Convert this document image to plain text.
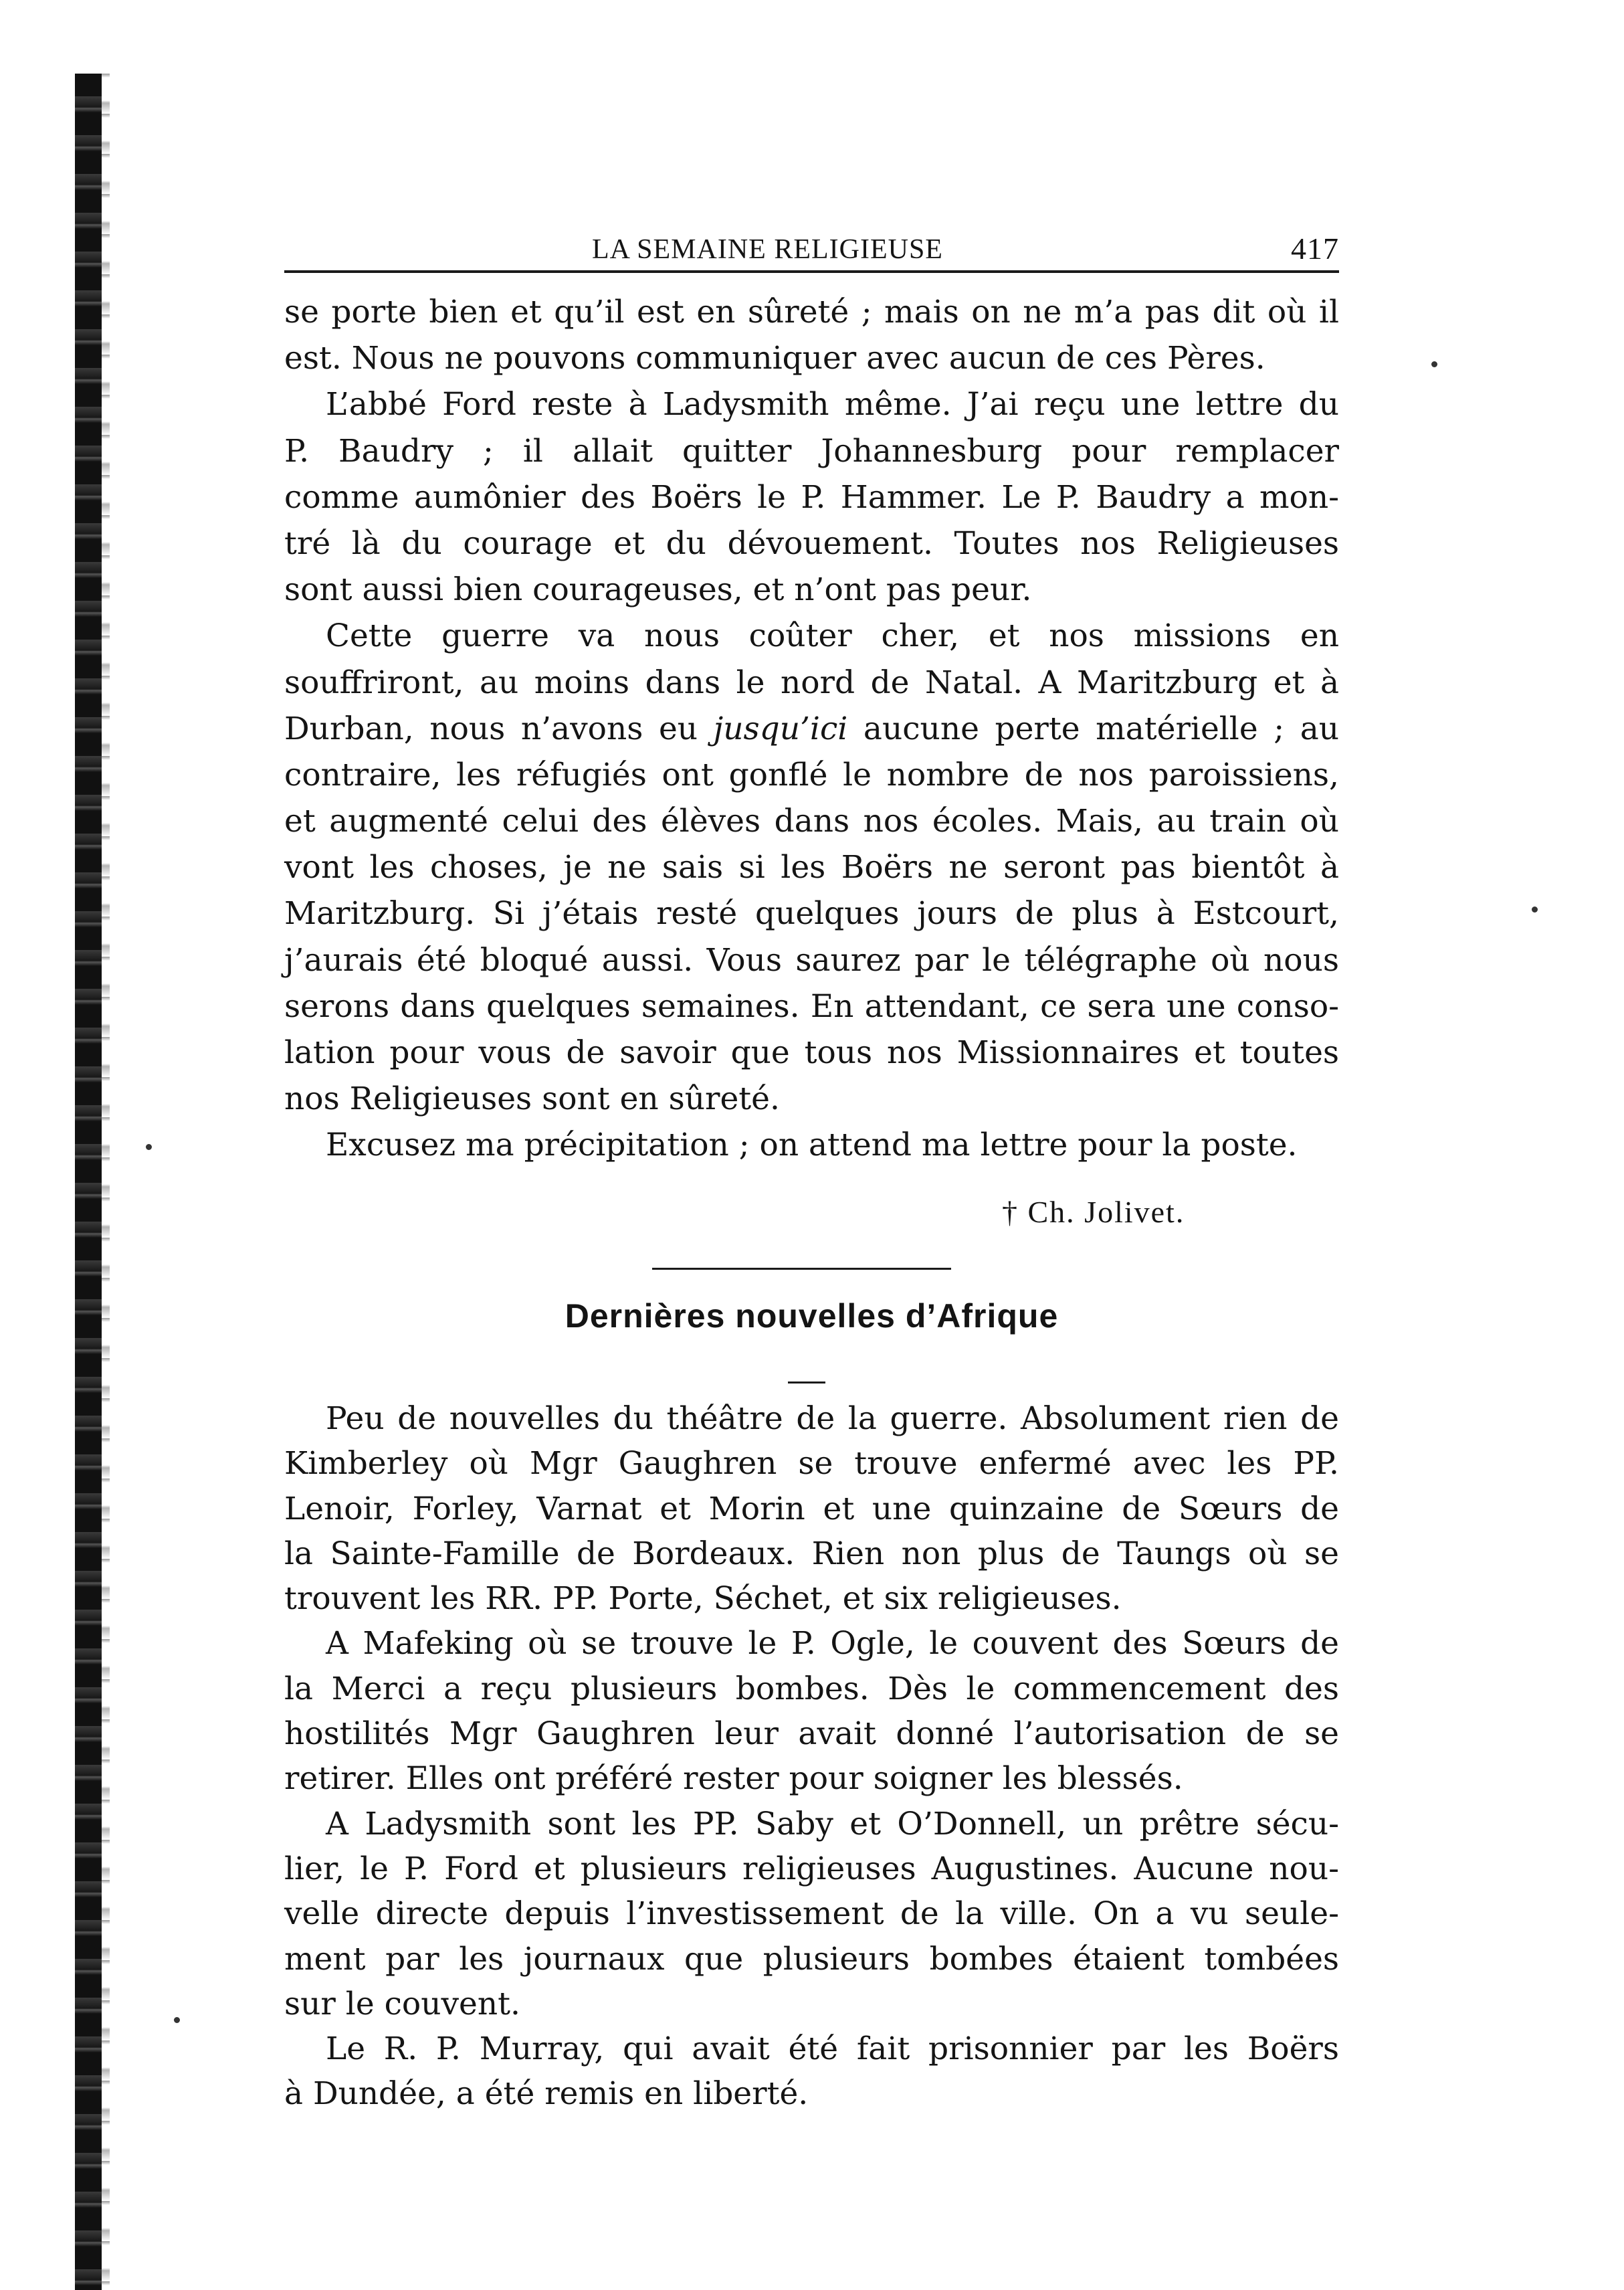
LA SEMAINE RELIGIEUSE	417
se porte bien et qu’il est en sûreté ; mais on ne m’a pas dit où il
est. Nous ne pouvons communiquer avec aucun de ces Pères.
L’abbé Ford reste à Ladysmith même. J’ai reçu une lettre du
P. Baudry ; il allait quitter Johannesburg pour remplacer
comme aumônier des Boërs le P. Hammer. Le P. Baudry a mon-
tré là du courage et du dévouement. Toutes nos Religieuses
sont aussi bien courageuses, et n’ont pas peur.
Cette guerre va nous coûter cher, et nos missions en
souffriront, au moins dans le nord de Natal. A Maritzburg et à
Durban, nous n’avons eu jusqu’ici aucune perte matérielle ; au
contraire, les réfugiés ont gonflé le nombre de nos paroissiens,
et augmenté celui des élèves dans nos écoles. Mais, au train où
vont les choses, je ne sais si les Boërs ne seront pas bientôt à
Maritzburg. Si j’étais resté quelques jours de plus à Estcourt,
j’aurais été bloqué aussi. Vous saurez par le télégraphe où nous
serons dans quelques semaines. En attendant, ce sera une conso-
lation pour vous de savoir que tous nos Missionnaires et toutes
nos Religieuses sont en sûreté.
Excusez ma précipitation ; on attend ma lettre pour la poste.
† Ch. Jolivet.
Dernières nouvelles d’Afrique
Peu de nouvelles du théâtre de la guerre. Absolument rien de
Kimberley où Mgr Gaughren se trouve enfermé avec les PP.
Lenoir, Forley, Varnat et Morin et une quinzaine de Sœurs de
la Sainte-Famille de Bordeaux. Rien non plus de Taungs où se
trouvent les RR. PP. Porte, Séchet, et six religieuses.
A Mafeking où se trouve le P. Ogle, le couvent des Sœurs de
la Merci a reçu plusieurs bombes. Dès le commencement des
hostilités Mgr Gaughren leur avait donné l’autorisation de se
retirer. Elles ont préféré rester pour soigner les blessés.
A Ladysmith sont les PP. Saby et O’Donnell, un prêtre sécu-
lier, le P. Ford et plusieurs religieuses Augustines. Aucune nou-
velle directe depuis l’investissement de la ville. On a vu seule-
ment par les journaux que plusieurs bombes étaient tombées
sur le couvent.
Le R. P. Murray, qui avait été fait prisonnier par les Boërs
à Dundée, a été remis en liberté.
